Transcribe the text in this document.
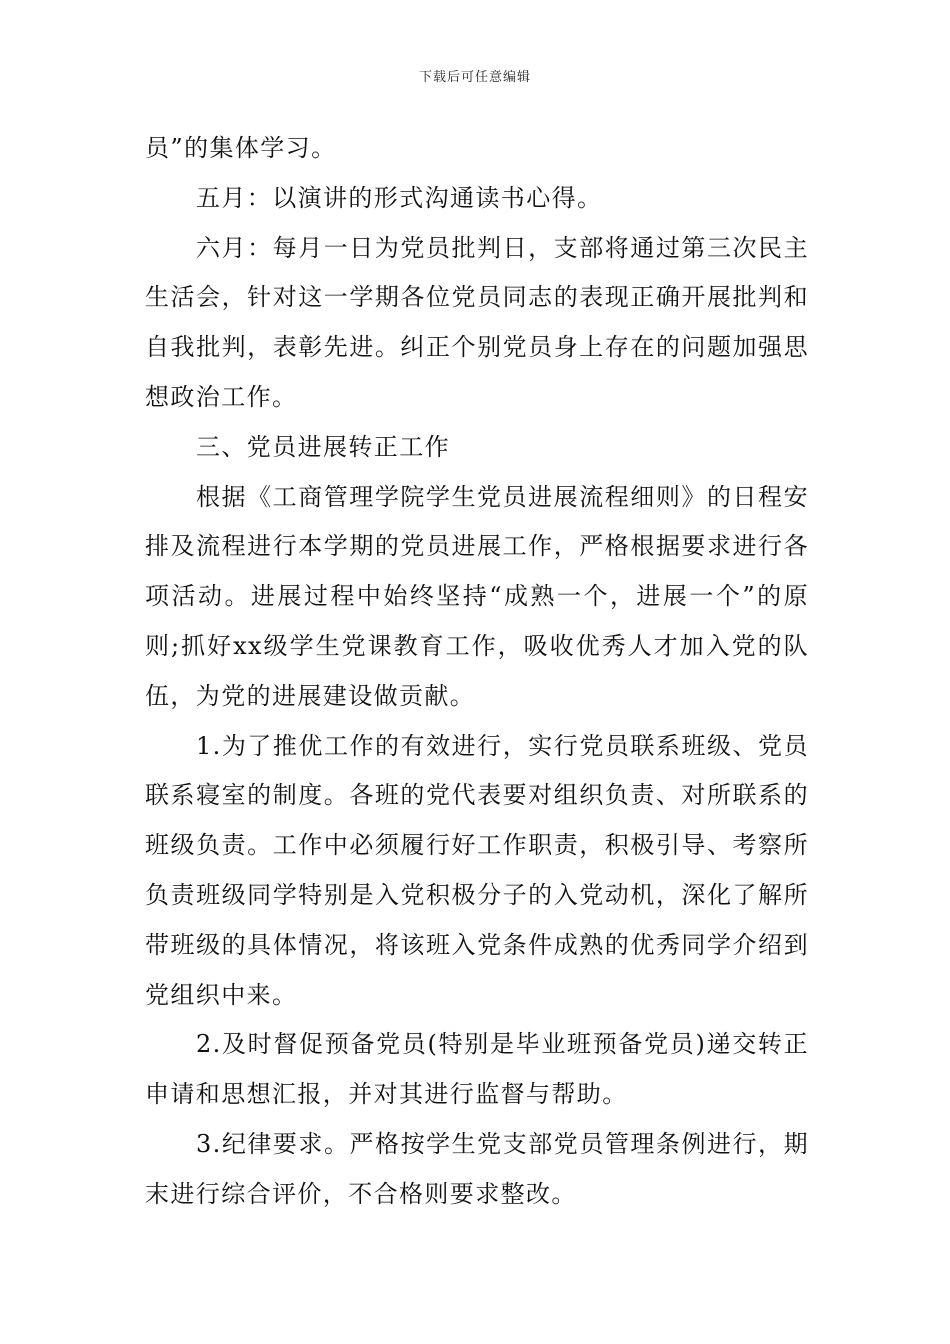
下载后可任意编辑

员”的集体学习。

五月：以演讲的形式沟通读书心得。

六月：每月一日为党员批判日，支部将通过第三次民主生活会，针对这一学期各位党员同志的表现正确开展批判和自我批判，表彰先进。纠正个别党员身上存在的问题加强思想政治工作。

三、党员进展转正工作

根据《工商管理学院学生党员进展流程细则》的日程安排及流程进行本学期的党员进展工作，严格根据要求进行各项活动。进展过程中始终坚持“成熟一个，进展一个”的原则;抓好xx级学生党课教育工作，吸收优秀人才加入党的队伍，为党的进展建设做贡献。

1.为了推优工作的有效进行，实行党员联系班级、党员联系寝室的制度。各班的党代表要对组织负责、对所联系的班级负责。工作中必须履行好工作职责，积极引导、考察所负责班级同学特别是入党积极分子的入党动机，深化了解所带班级的具体情况，将该班入党条件成熟的优秀同学介绍到党组织中来。

2.及时督促预备党员(特别是毕业班预备党员)递交转正申请和思想汇报，并对其进行监督与帮助。

3.纪律要求。严格按学生党支部党员管理条例进行，期末进行综合评价，不合格则要求整改。
